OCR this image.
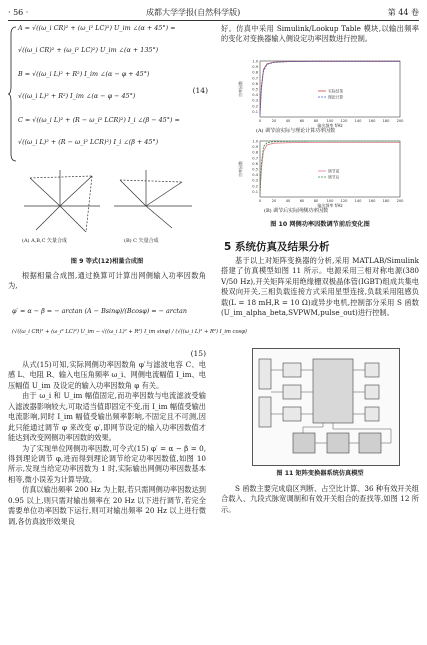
· 56 ·	成都大学学报(自然科学版)	第 44 卷
A = √((ω_i CR)² + (ω_i² LC)²) U_im ∠(α + 45°) =
√((ω_i CR)² + (ω_i² LC)²) U_im ∠(α + 135°)
B = √((ω_i L)² + R²) I_im ∠(α − φ + 45°)
√((ω_i L)² + R²) I_im ∠(α − φ − 45°)
C = √((ω_i L)² + (R − ω_i² LCR)²) I_i ∠(β − 45°) =
√((ω_i L)² + (R − ω_i² LCR)²) I_i ∠(β + 45°)
(14)
(A) A,B,C 矢量合成	(B) C 矢量合成
图 9 等式(12)相量合成图

根据相量合成图,通过换算可计算出网侧输入功率因数角为,

φ′ = α − β = − arctan (A − Bsinφ)/(Bcosφ) = − arctan
(√((ω_i CR)² + (ω_i² LC)²) U_im − √((ω_i L)² + R²) I_im sinφ) / (√((ω_i L)² + R²) I_im cosφ)
(15)

从式(15)可知,实际网侧功率因数角 φ′与滤波电容 C、电感 L、电阻 R、输入电压角频率 ω_i、网侧电流幅值 I_im、电压幅值 U_im 及设定的输入功率因数角 φ 有关。

由于 ω_i 和 U_im 幅值固定,而功率因数与电流滤波受输入滤波器影响较大,可取适当值即固定不变,而 I_im 幅值受输出电流影响,同时 I_im 幅值受输出频率影响,不固定且不可测,因此只能通过调节 φ 来改变 φ′,即网节设定的输入功率因数值才能达到改变网侧功率因数的效果。

为了实现单位网侧功率因数,可令式(15) φ′ = α − β = 0,得到理论调节 φ,进而得到理论调节给定功率因数值,如图 10 所示,发现当给定功率因数为 1 时,实际输出网侧功率因数基本相等,微小误差为计算导致。

仿真以输出频率 200 Hz 为上限,若只需网侧功率因数达到 0.95 以上,则只需对输出频率在 20 Hz 以下进行调节,若完全需要单位功率因数下运行,则可对输出频率 20 Hz 以上进行微调,各仿真波形效果良

好。仿真中采用 Simulink/Lookup Table 模块,以输出频率的变化对变换器输入侧设定功率因数进行控制。

1.0
0.9
0.8
0.7
0.6
0.5
0.4
0.3
0.2
0.1
0	20	40	60	80 100 120 140 160 180 200
功率因数
输出频率 f/Hz
实际结果
理论计算
(A) 调节前实际与理论计算功率因数
1.0
0.9
0.8
0.7
0.6
0.5
0.4
0.3
0.2
0.1
0	20	40	60	80 100 120 140 160 180 200
功率因数
输出频率 f/Hz
调节前
调节后
(B) 调节后实际网侧功率因数
图 10 网侧功率因数调节前后变化图
5 系统仿真及结果分析

基于以上对矩阵变换器的分析,采用 MATLAB/Simulink 搭建了仿真模型如图 11 所示。电源采用三相对称电源(380 V/50 Hz),开关矩阵采用绝缘栅双极晶体管(IGBT)组成共集电极双向开关,三相负载连接方式采用星型连接,负载采用阻感负载(L = 18 mH,R = 10 Ω)或异步电机,控制部分采用 S 函数(U_im_alpha_beta,SVPWM,pulse_out)进行控制。

图 11 矩阵变换器系统仿真模型

S 函数主要完成扇区判断、占空比计算、36 种有效开关组合载入、九段式脉宽调制和有效开关组合的查找等,如图 12 所示。
